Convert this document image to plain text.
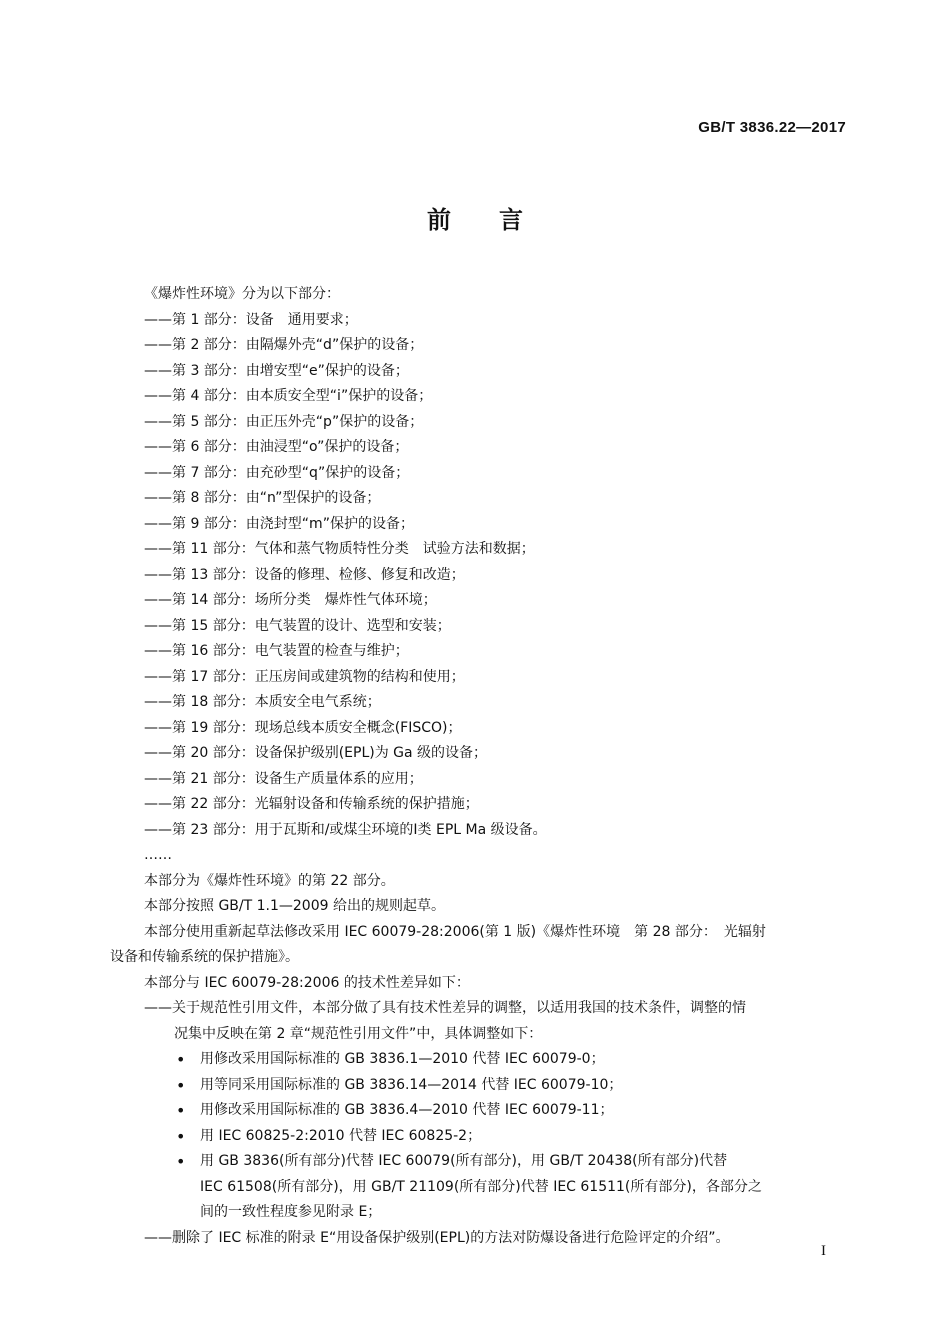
GB/T 3836.22—2017
前　　言
《爆炸性环境》分为以下部分：
—— 第 1 部分：设备　通用要求；
—— 第 2 部分：由隔爆外壳“d”保护的设备；
—— 第 3 部分：由增安型“e”保护的设备；
—— 第 4 部分：由本质安全型“i”保护的设备；
—— 第 5 部分：由正压外壳“p”保护的设备；
—— 第 6 部分：由油浸型“o”保护的设备；
—— 第 7 部分：由充砂型“q”保护的设备；
—— 第 8 部分：由“n”型保护的设备；
—— 第 9 部分：由浇封型“m”保护的设备；
—— 第 11 部分：气体和蒸气物质特性分类　试验方法和数据；
—— 第 13 部分：设备的修理、检修、修复和改造；
—— 第 14 部分：场所分类　爆炸性气体环境；
—— 第 15 部分：电气装置的设计、选型和安装；
—— 第 16 部分：电气装置的检查与维护；
—— 第 17 部分：正压房间或建筑物的结构和使用；
—— 第 18 部分：本质安全电气系统；
—— 第 19 部分：现场总线本质安全概念(FISCO)；
—— 第 20 部分：设备保护级别(EPL)为 Ga 级的设备；
—— 第 21 部分：设备生产质量体系的应用；
—— 第 22 部分：光辐射设备和传输系统的保护措施；
—— 第 23 部分：用于瓦斯和/或煤尘环境的Ⅰ类 EPL Ma 级设备。
……
本部分为《爆炸性环境》的第 22 部分。
本部分按照 GB/T 1.1—2009 给出的规则起草。
本部分使用重新起草法修改采用 IEC 60079-28:2006(第 1 版)《爆炸性环境　第 28 部分：　光辐射
设备和传输系统的保护措施》。
本部分与 IEC 60079-28:2006 的技术性差异如下：
—— 关于规范性引用文件，本部分做了具有技术性差异的调整，以适用我国的技术条件，调整的情
况集中反映在第 2 章“规范性引用文件”中，具体调整如下：
• 用修改采用国际标准的 GB 3836.1—2010 代替 IEC 60079-0；
• 用等同采用国际标准的 GB 3836.14—2014 代替 IEC 60079-10；
• 用修改采用国际标准的 GB 3836.4—2010 代替 IEC 60079-11；
• 用 IEC 60825-2:2010 代替 IEC 60825-2；
• 用 GB 3836(所有部分)代替 IEC 60079(所有部分)，用 GB/T 20438(所有部分)代替
IEC 61508(所有部分)，用 GB/T 21109(所有部分)代替 IEC 61511(所有部分)，各部分之
间的一致性程度参见附录 E；
—— 删除了 IEC 标准的附录 E“用设备保护级别(EPL)的方法对防爆设备进行危险评定的介绍”。
I
